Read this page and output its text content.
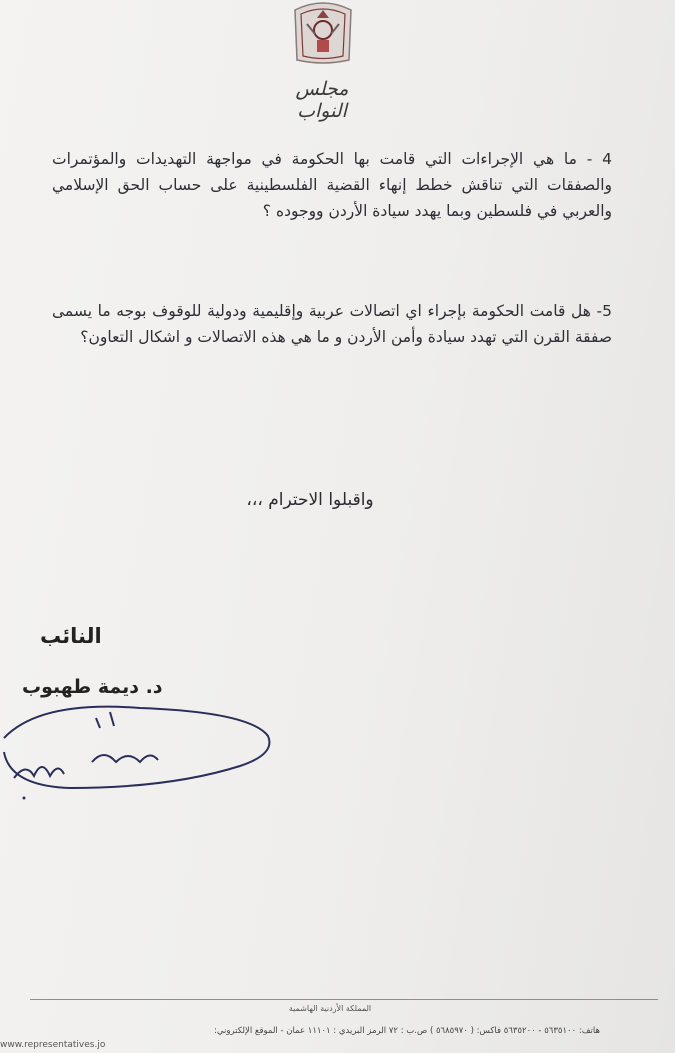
مجلس النواب
4 - ما هي الإجراءات التي قامت بها الحكومة في مواجهة التهديدات والمؤتمرات والصفقات التي تناقش خطط إنهاء القضية الفلسطينية على حساب الحق الإسلامي والعربي في فلسطين وبما يهدد سيادة الأردن ووجوده ؟
5- هل قامت الحكومة بإجراء اي اتصالات عربية وإقليمية ودولية للوقوف بوجه ما يسمى صفقة القرن التي تهدد سيادة وأمن الأردن و ما هي هذه الاتصالات و اشكال التعاون؟
واقبلوا الاحترام ،،،
النائب
د. ديمة طهبوب
المملكة الأردنية الهاشمية
هاتف: ٥٦٣٥١٠٠ - ٥٦٣٥٢٠٠ فاكس: ( ٥٦٨٥٩٧٠ ) ص.ب : ٧٢ الرمز البريدي : ١١١٠١ عمان - الموقع الإلكتروني:
www.representatives.jo
